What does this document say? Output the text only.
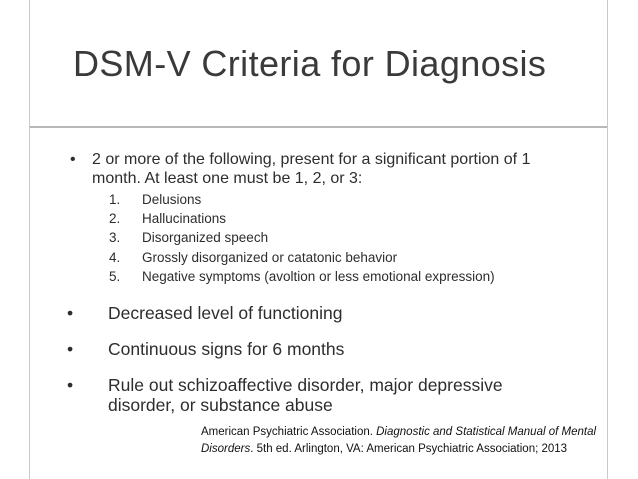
DSM-V Criteria for Diagnosis
• 2 or more of the following, present for a significant portion of 1 month. At least one must be 1, 2, or 3:
1. Delusions
2. Hallucinations
3. Disorganized speech
4. Grossly disorganized or catatonic behavior
5. Negative symptoms (avoltion or less emotional expression)
• Decreased level of functioning
• Continuous signs for 6 months
• Rule out schizoaffective disorder, major depressive disorder, or substance abuse
American Psychiatric Association. Diagnostic and Statistical Manual of Mental Disorders. 5th ed. Arlington, VA: American Psychiatric Association; 2013
